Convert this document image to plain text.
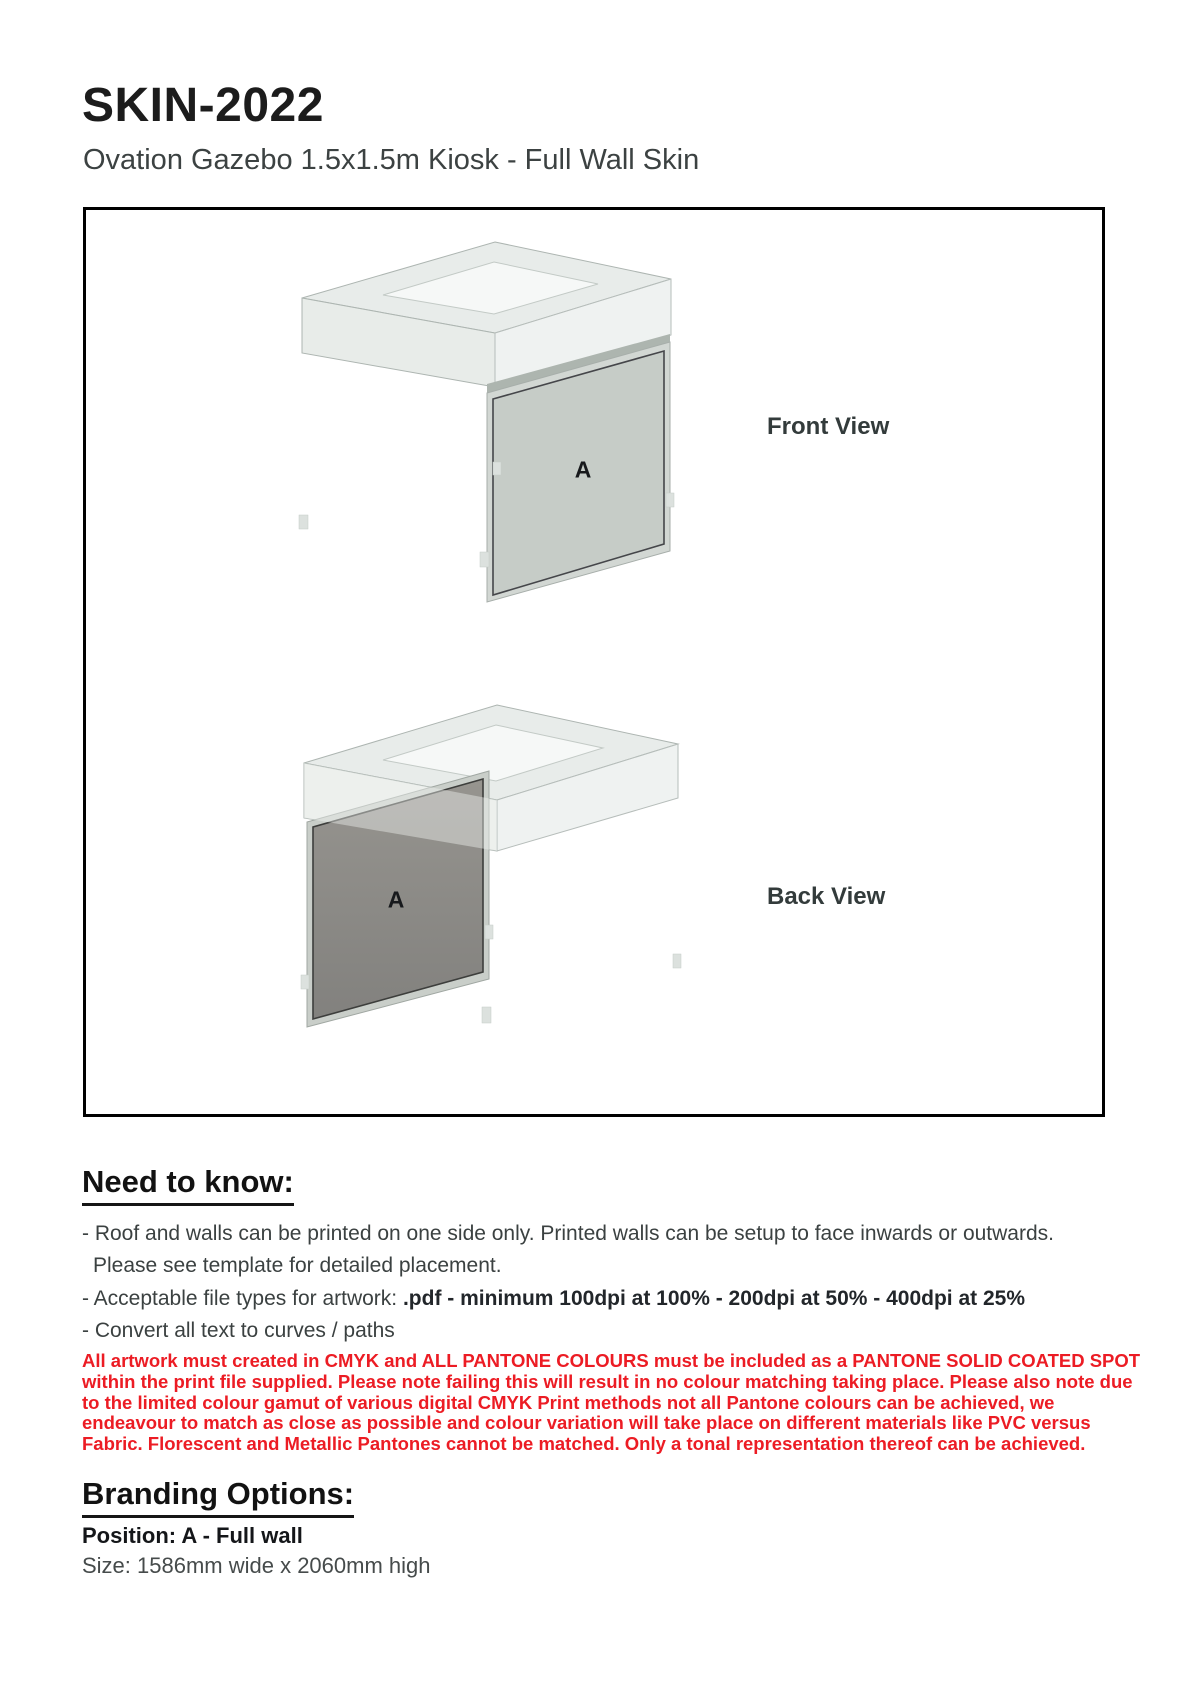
SKIN-2022
Ovation Gazebo 1.5x1.5m Kiosk - Full Wall Skin
Front View
Back View
A
A
Need to know:
- Roof and walls can be printed on one side only. Printed walls can be setup to face inwards or outwards.
Please see template for detailed placement.
- Acceptable file types for artwork: .pdf - minimum 100dpi at 100% - 200dpi at 50% - 400dpi at 25%
- Convert all text to curves / paths
All artwork must created in CMYK and ALL PANTONE COLOURS must be included as a PANTONE SOLID COATED SPOT
within the print file supplied. Please note failing this will result in no colour matching taking place. Please also note due
to the limited colour gamut of various digital CMYK Print methods not all Pantone colours can be achieved, we
endeavour to match as close as possible and colour variation will take place on different materials like PVC versus
Fabric. Florescent and Metallic Pantones cannot be matched. Only a tonal representation thereof can be achieved.
Branding Options:
Position: A - Full wall
Size: 1586mm wide x 2060mm high
